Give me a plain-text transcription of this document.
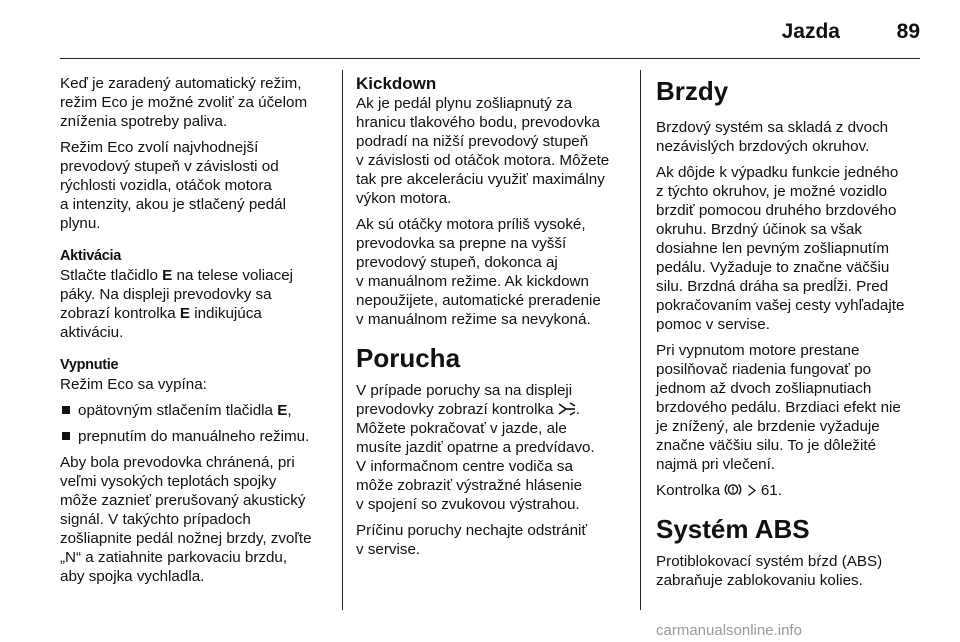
Jazda	89

Keď je zaradený automatický režim,
režim Eco je možné zvoliť za účelom
zníženia spotreby paliva.

Režim Eco zvolí najvhodnejší
prevodový stupeň v závislosti od
rýchlosti vozidla, otáčok motora
a intenzity, akou je stlačený pedál
plynu.

Aktivácia

Stlačte tlačidlo E na telese voliacej
páky. Na displeji prevodovky sa
zobrazí kontrolka E indikujúca
aktiváciu.

Vypnutie

Režim Eco sa vypína:

opätovným stlačením tlačidla E,
prepnutím do manuálneho režimu.

Aby bola prevodovka chránená, pri
veľmi vysokých teplotách spojky
môže zaznieť prerušovaný akustický
signál. V takýchto prípadoch
zošliapnite pedál nožnej brzdy, zvoľte
„N“ a zatiahnite parkovaciu brzdu,
aby spojka vychladla.

Kickdown

Ak je pedál plynu zošliapnutý za
hranicu tlakového bodu, prevodovka
podradí na nižší prevodový stupeň
v závislosti od otáčok motora. Môžete
tak pre akceleráciu využiť maximálny
výkon motora.

Ak sú otáčky motora príliš vysoké,
prevodovka sa prepne na vyšší
prevodový stupeň, dokonca aj
v manuálnom režime. Ak kickdown
nepoužijete, automatické preradenie
v manuálnom režime sa nevykoná.

Porucha

V prípade poruchy sa na displeji
prevodovky zobrazí kontrolka .
Môžete pokračovať v jazde, ale
musíte jazdiť opatrne a predvídavo.
V informačnom centre vodiča sa
môže zobraziť výstražné hlásenie
v spojení so zvukovou výstrahou.

Príčinu poruchy nechajte odstrániť
v servise.

Brzdy

Brzdový systém sa skladá z dvoch
nezávislých brzdových okruhov.

Ak dôjde k výpadku funkcie jedného
z týchto okruhov, je možné vozidlo
brzdiť pomocou druhého brzdového
okruhu. Brzdný účinok sa však
dosiahne len pevným zošliapnutím
pedálu. Vyžaduje to značne väčšiu
silu. Brzdná dráha sa predĺži. Pred
pokračovaním vašej cesty vyhľadajte
pomoc v servise.

Pri vypnutom motore prestane
posilňovač riadenia fungovať po
jednom až dvoch zošliapnutiach
brzdového pedálu. Brzdiaci efekt nie
je znížený, ale brzdenie vyžaduje
značne väčšiu silu. To je dôležité
najmä pri vlečení.

Kontrolka   61.

Systém ABS

Protiblokovací systém bŕzd (ABS)
zabraňuje zablokovaniu kolies.

carmanualsonline.info
